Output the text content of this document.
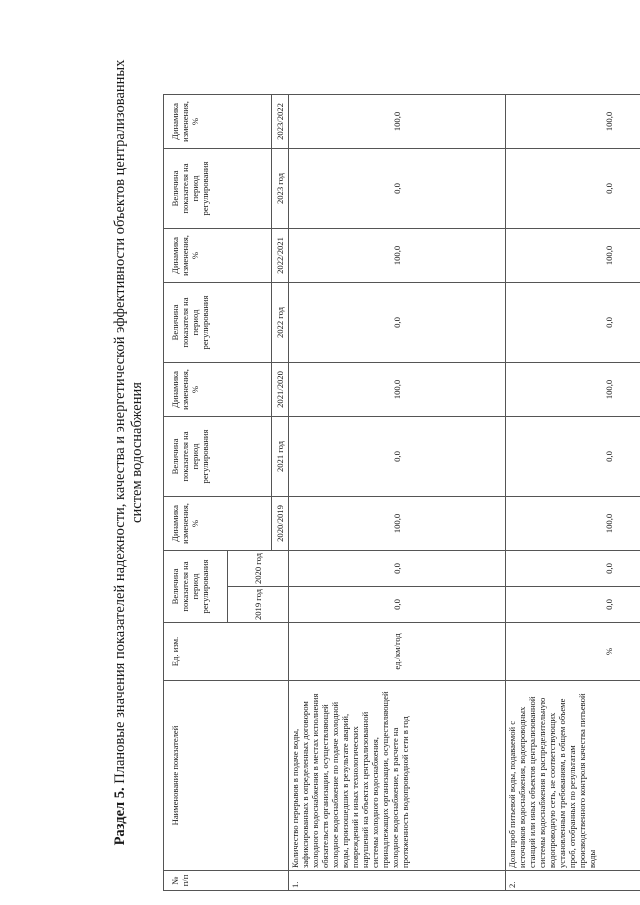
Раздел 5. Плановые значения показателей надежности, качества и энергетической эффективности объектов централизованных
систем водоснабжения
№ п/п	Наименование показателей	Ед. изм.	Величина показателя на период регулирования		Динамика изменения, %	Величина показателя на период регулирования	Динамика изменения, %	Величина показателя на период регулирования	Динамика изменения, %	Величина показателя на период регулирования	Динамика изменения, %
			2019 год	2020 год							
					2020/2019	2021 год	2021/2020	2022 год	2022/2021	2023 год	2023/2022
1.	Количество перерывов в подаче воды, зафиксированных в определенных договором холодного водоснабжения в местах исполнения обязательств организации, осуществляющей холодное водоснабжение по подаче холодной воды, произошедших в результате аварий, повреждений и иных технологических нарушений на объектах централизованной системы холодного водоснабжения, принадлежащих организации, осуществляющей холодное водоснабжение, в расчете на протяженность водопроводной сети в год	ед./км/год	0,0	0,0	100,0	0,0	100,0	0,0	100,0	0,0	100,0
2.	Доля проб питьевой воды, подаваемой с источников водоснабжения, водопроводных станций или иных объектов централизованной системы водоснабжения в распределительную водопроводную сеть, не соответствующих установленным требованиям, в общем объеме проб, отобранных по результатам производственного контроля качества питьевой воды	%	0,0	0,0	100,0	0,0	100,0	0,0	100,0	0,0	100,0
